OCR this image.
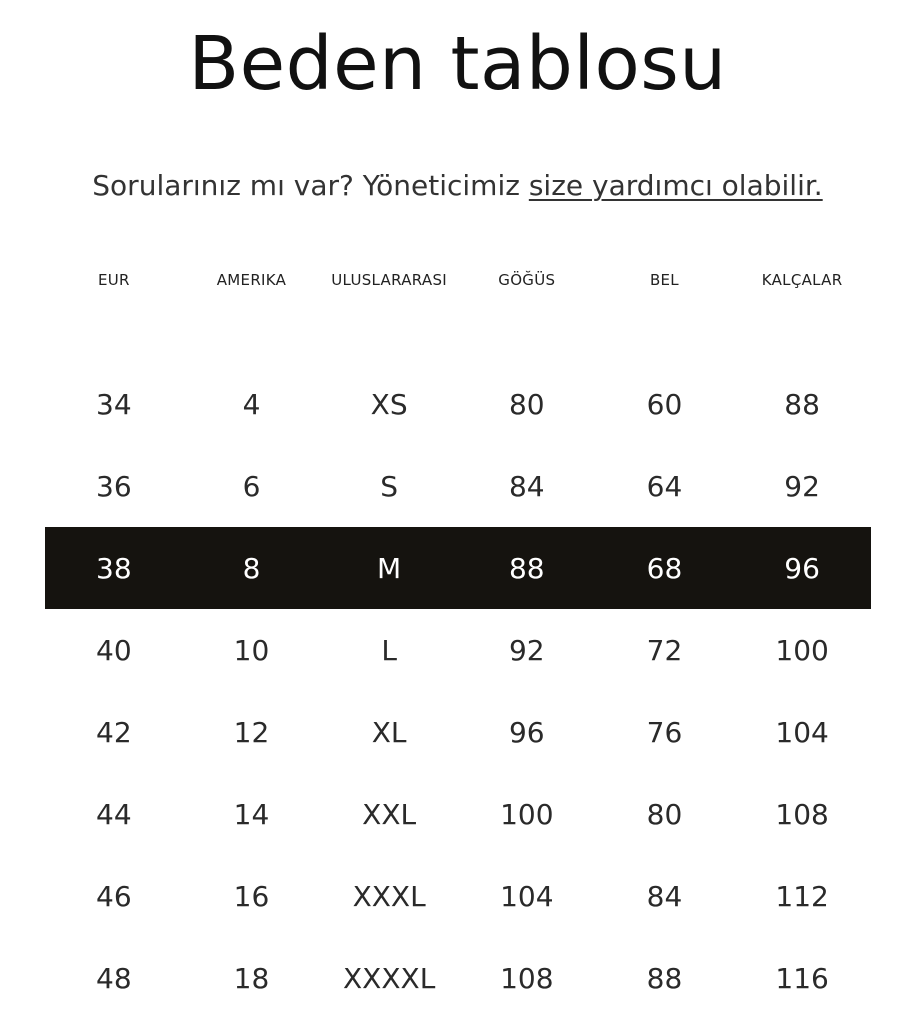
Beden tablosu
Sorularınız mı var? Yöneticimiz size yardımcı olabilir.
EUR	AMERIKA	ULUSLARARASI	GÖĞÜS	BEL	KALÇALAR
34	4	XS	80	60	88
36	6	S	84	64	92
38	8	M	88	68	96
40	10	L	92	72	100
42	12	XL	96	76	104
44	14	XXL	100	80	108
46	16	XXXL	104	84	112
48	18	XXXXL	108	88	116
